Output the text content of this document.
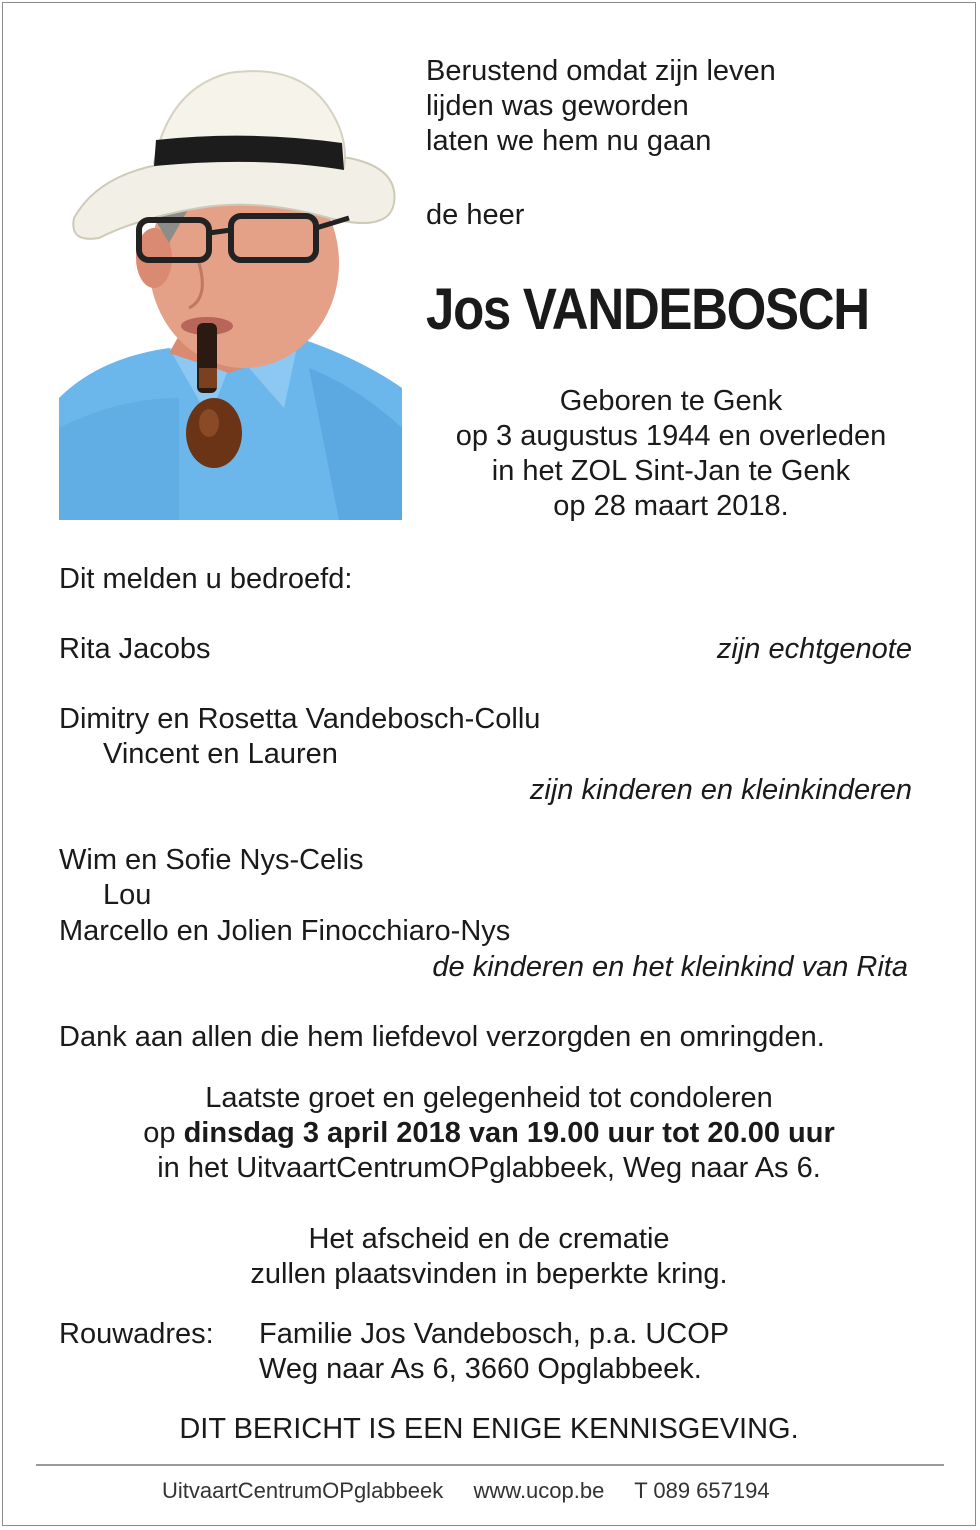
Berustend omdat zijn leven
lijden was geworden
laten we hem nu gaan
de heer
Jos VANDEBOSCH
Geboren te Genk
op 3 augustus 1944 en overleden
in het ZOL Sint-Jan te Genk
op 28 maart 2018.
Dit melden u bedroefd:
Rita Jacobs	zijn echtgenote
Dimitry en Rosetta Vandebosch-Collu
Vincent en Lauren
zijn kinderen en kleinkinderen
Wim en Sofie Nys-Celis
Lou
Marcello en Jolien Finocchiaro-Nys
de kinderen en het kleinkind van Rita
Dank aan allen die hem liefdevol verzorgden en omringden.
Laatste groet en gelegenheid tot condoleren
op dinsdag 3 april 2018 van 19.00 uur tot 20.00 uur
in het UitvaartCentrumOPglabbeek, Weg naar As 6.
Het afscheid en de crematie
zullen plaatsvinden in beperkte kring.
Rouwadres: Familie Jos Vandebosch, p.a. UCOP
Weg naar As 6, 3660 Opglabbeek.
DIT BERICHT IS EEN ENIGE KENNISGEVING.
UitvaartCentrumOPglabbeek www.ucop.be T 089 657194
